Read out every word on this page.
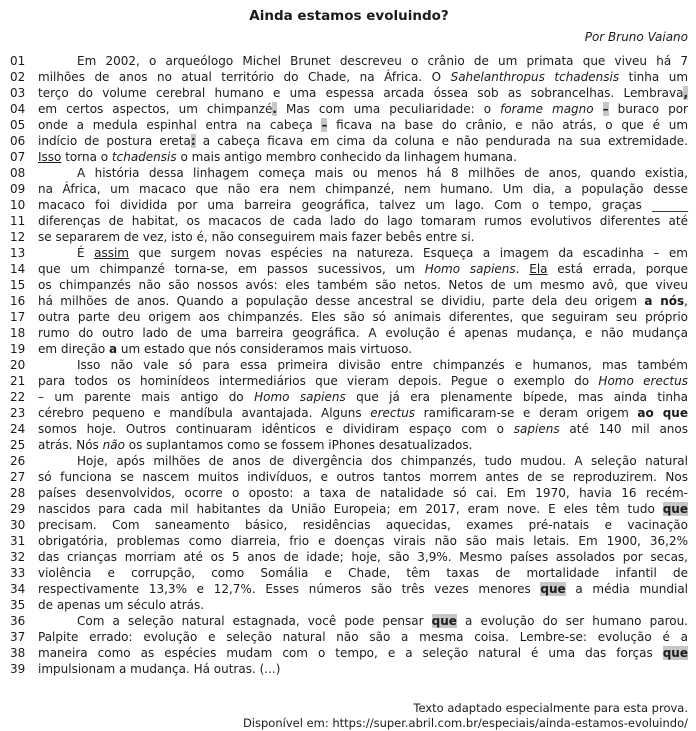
Ainda estamos evoluindo?
Por Bruno Vaiano
01	Em 2002, o arqueólogo Michel Brunet descreveu o crânio de um primata que viveu há 7
02	milhões de anos no atual território do Chade, na África. O Sahelanthropus tchadensis tinha um
03	terço do volume cerebral humano e uma espessa arcada óssea sob as sobrancelhas. Lembrava,
04	em certos aspectos, um chimpanzé. Mas com uma peculiaridade: o forame magno – buraco por
05	onde a medula espinhal entra na cabeça – ficava na base do crânio, e não atrás, o que é um
06	indício de postura ereta: a cabeça ficava em cima da coluna e não pendurada na sua extremidade.
07	Isso torna o tchadensis o mais antigo membro conhecido da linhagem humana.
08	A história dessa linhagem começa mais ou menos há 8 milhões de anos, quando existia,
09	na África, um macaco que não era nem chimpanzé, nem humano. Um dia, a população desse
10	macaco foi dividida por uma barreira geográfica, talvez um lago. Com o tempo, graças ______
11	diferenças de habitat, os macacos de cada lado do lago tomaram rumos evolutivos diferentes até
12	se separarem de vez, isto é, não conseguirem mais fazer bebês entre si.
13	É assim que surgem novas espécies na natureza. Esqueça a imagem da escadinha – em
14	que um chimpanzé torna-se, em passos sucessivos, um Homo sapiens. Ela está errada, porque
15	os chimpanzés não são nossos avós: eles também são netos. Netos de um mesmo avô, que viveu
16	há milhões de anos. Quando a população desse ancestral se dividiu, parte dela deu origem a nós,
17	outra parte deu origem aos chimpanzés. Eles são só animais diferentes, que seguiram seu próprio
18	rumo do outro lado de uma barreira geográfica. A evolução é apenas mudança, e não mudança
19	em direção a um estado que nós consideramos mais virtuoso.
20	Isso não vale só para essa primeira divisão entre chimpanzés e humanos, mas também
21	para todos os hominídeos intermediários que vieram depois. Pegue o exemplo do Homo erectus
22	– um parente mais antigo do Homo sapiens que já era plenamente bípede, mas ainda tinha
23	cérebro pequeno e mandíbula avantajada. Alguns erectus ramificaram-se e deram origem ao que
24	somos hoje. Outros continuaram idênticos e dividiram espaço com o sapiens até 140 mil anos
25	atrás. Nós não os suplantamos como se fossem iPhones desatualizados.
26	Hoje, após milhões de anos de divergência dos chimpanzés, tudo mudou. A seleção natural
27	só funciona se nascem muitos indivíduos, e outros tantos morrem antes de se reproduzirem. Nos
28	países desenvolvidos, ocorre o oposto: a taxa de natalidade só cai. Em 1970, havia 16 recém-
29	nascidos para cada mil habitantes da União Europeia; em 2017, eram nove. E eles têm tudo que
30	precisam. Com saneamento básico, residências aquecidas, exames pré-natais e vacinação
31	obrigatória, problemas como diarreia, frio e doenças virais não são mais letais. Em 1900, 36,2%
32	das crianças morriam até os 5 anos de idade; hoje, são 3,9%. Mesmo países assolados por secas,
33	violência e corrupção, como Somália e Chade, têm taxas de mortalidade infantil de
34	respectivamente 13,3% e 12,7%. Esses números são três vezes menores que a média mundial
35	de apenas um século atrás.
36	Com a seleção natural estagnada, você pode pensar que a evolução do ser humano parou.
37	Palpite errado: evolução e seleção natural não são a mesma coisa. Lembre-se: evolução é a
38	maneira como as espécies mudam com o tempo, e a seleção natural é uma das forças que
39	impulsionam a mudança. Há outras. (...)
Texto adaptado especialmente para esta prova.
Disponível em: https://super.abril.com.br/especiais/ainda-estamos-evoluindo/
